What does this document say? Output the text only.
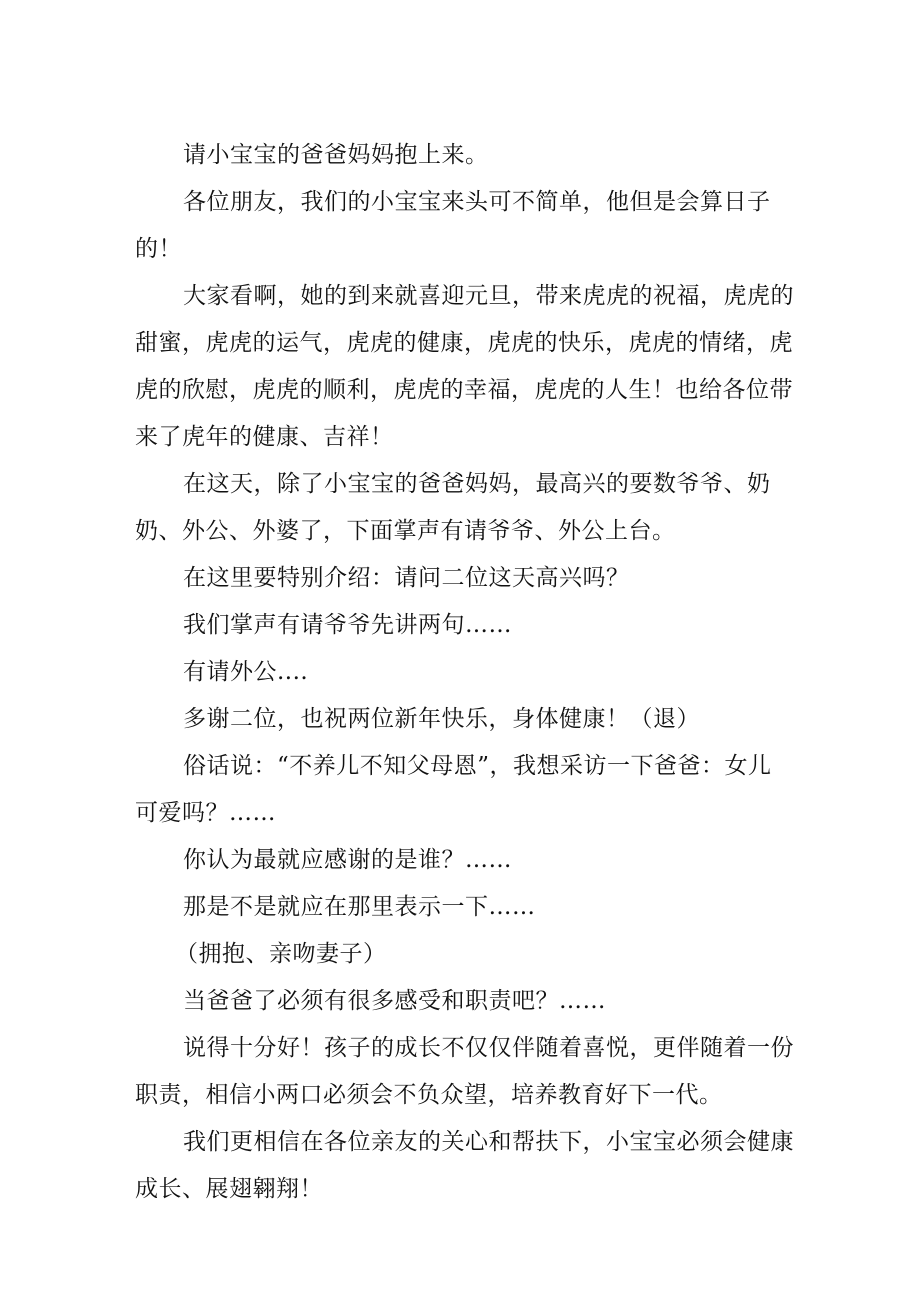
请小宝宝的爸爸妈妈抱上来。

各位朋友，我们的小宝宝来头可不简单，他但是会算日子的！

大家看啊，她的到来就喜迎元旦，带来虎虎的祝福，虎虎的甜蜜，虎虎的运气，虎虎的健康，虎虎的快乐，虎虎的情绪，虎虎的欣慰，虎虎的顺利，虎虎的幸福，虎虎的人生！也给各位带来了虎年的健康、吉祥！

在这天，除了小宝宝的爸爸妈妈，最高兴的要数爷爷、奶奶、外公、外婆了，下面掌声有请爷爷、外公上台。

在这里要特别介绍：请问二位这天高兴吗？

我们掌声有请爷爷先讲两句……

有请外公....

多谢二位，也祝两位新年快乐，身体健康！（退）

俗话说：“不养儿不知父母恩”，我想采访一下爸爸：女儿可爱吗？……

你认为最就应感谢的是谁？……

那是不是就应在那里表示一下……

（拥抱、亲吻妻子）

当爸爸了必须有很多感受和职责吧？……

说得十分好！孩子的成长不仅仅伴随着喜悦，更伴随着一份职责，相信小两口必须会不负众望，培养教育好下一代。

我们更相信在各位亲友的关心和帮扶下，小宝宝必须会健康成长、展翅翱翔！
